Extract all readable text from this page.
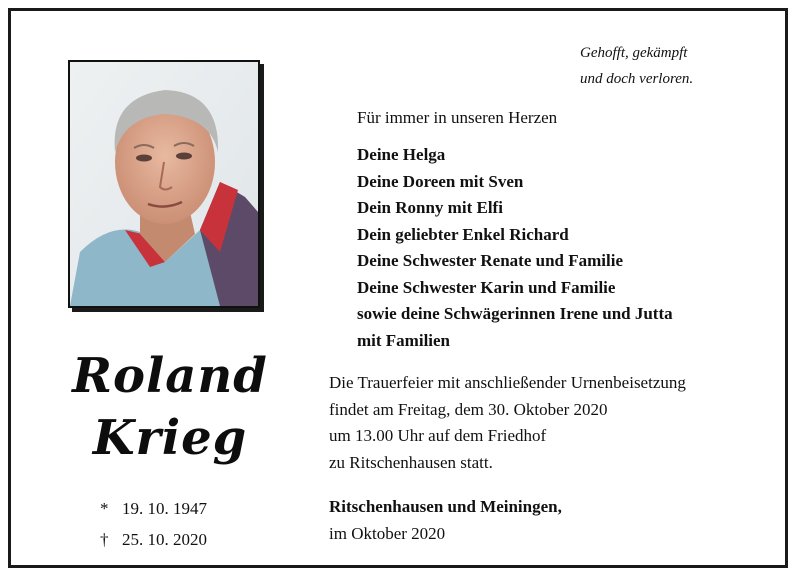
Gehofft, gekämpft
und doch verloren.
Für immer in unseren Herzen
Deine Helga
Deine Doreen mit Sven
Dein Ronny mit Elfi
Dein geliebter Enkel Richard
Deine Schwester Renate und Familie
Deine Schwester Karin und Familie
sowie deine Schwägerinnen Irene und Jutta
mit Familien
Roland
Krieg
* 19. 10. 1947
† 25. 10. 2020
Die Trauerfeier mit anschließender Urnenbeisetzung
findet am Freitag, dem 30. Oktober 2020
um 13.00 Uhr auf dem Friedhof
zu Ritschenhausen statt.
Ritschenhausen und Meiningen,
im Oktober 2020
